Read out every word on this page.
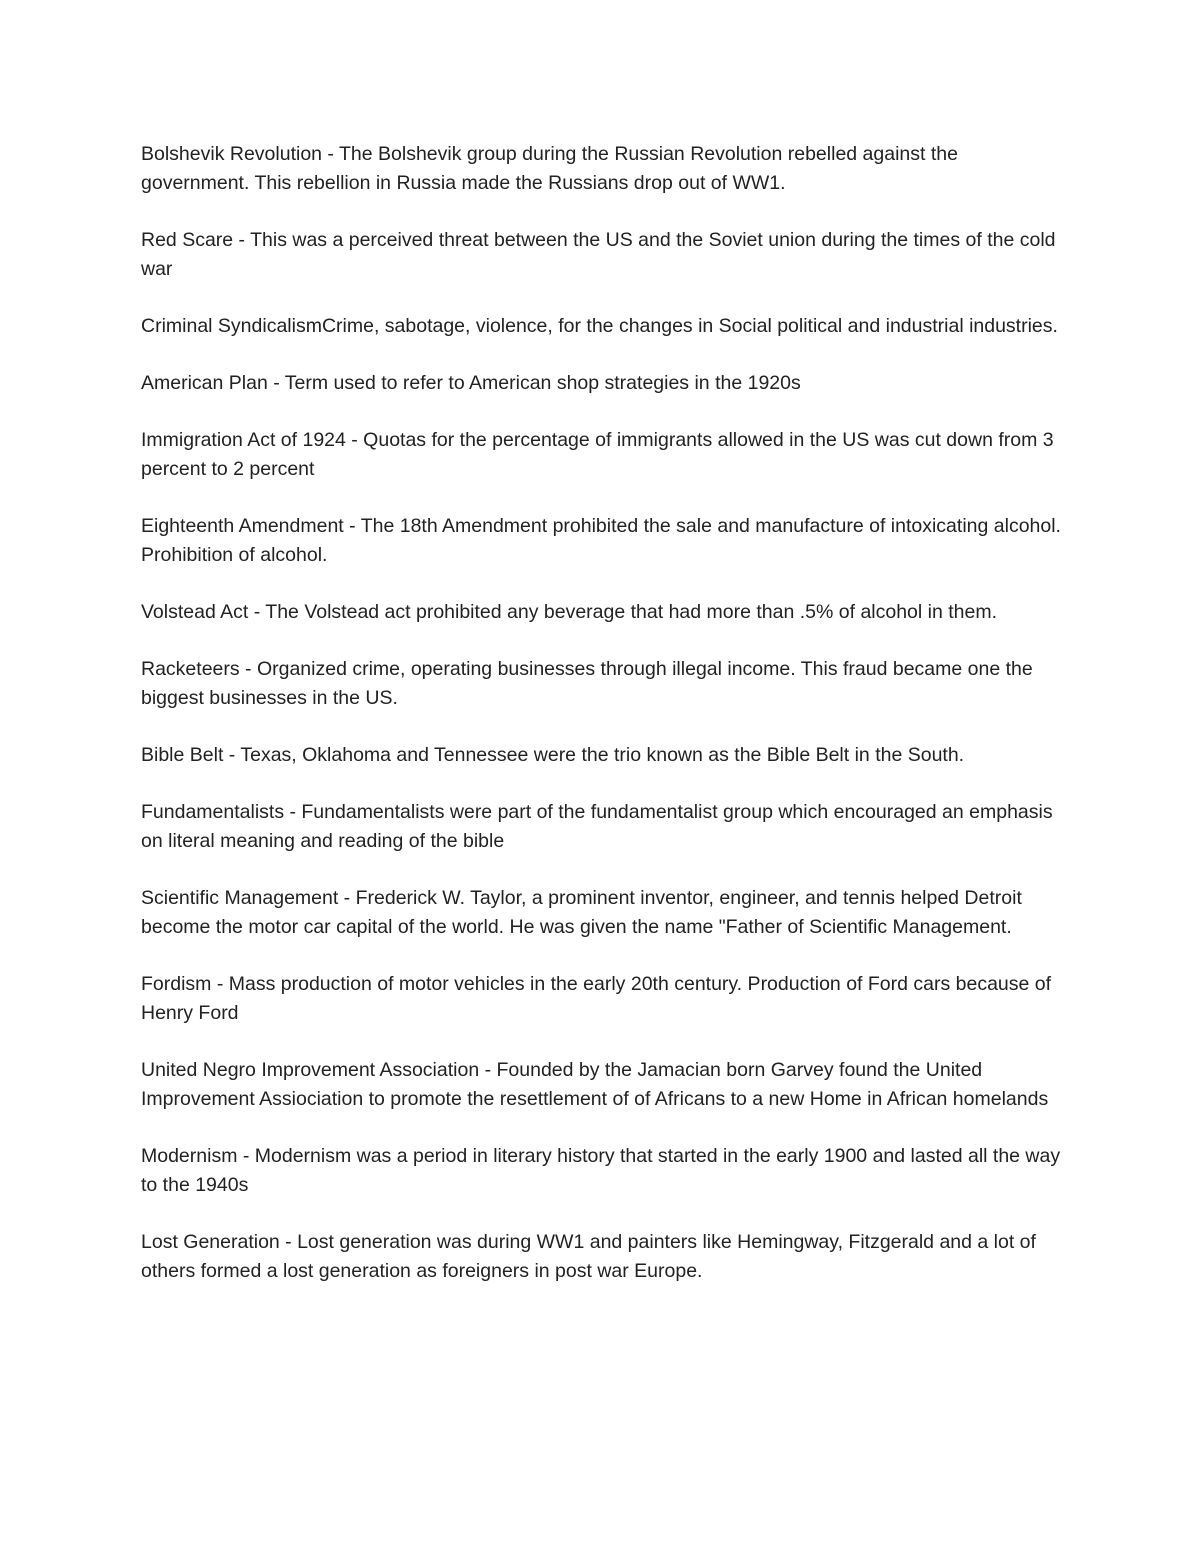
Bolshevik Revolution - The Bolshevik group during the Russian Revolution rebelled against the government. This rebellion in Russia made the Russians drop out of WW1.

Red Scare - This was a perceived threat between the US and the Soviet union during the times of the cold war

Criminal SyndicalismCrime, sabotage, violence, for the changes in Social political and industrial industries.

American Plan - Term used to refer to American shop strategies in the 1920s

Immigration Act of 1924 - Quotas for the percentage of immigrants allowed in the US was cut down from 3 percent to 2 percent

Eighteenth Amendment - The 18th Amendment prohibited the sale and manufacture of intoxicating alcohol. Prohibition of alcohol.

Volstead Act - The Volstead act prohibited any beverage that had more than .5% of alcohol in them.

Racketeers - Organized crime, operating businesses through illegal income. This fraud became one the biggest businesses in the US.

Bible Belt - Texas, Oklahoma and Tennessee were the trio known as the Bible Belt in the South.

Fundamentalists - Fundamentalists were part of the fundamentalist group which encouraged an emphasis on literal meaning and reading of the bible

Scientific Management - Frederick W. Taylor, a prominent inventor, engineer, and tennis helped Detroit become the motor car capital of the world. He was given the name "Father of Scientific Management.

Fordism - Mass production of motor vehicles in the early 20th century. Production of Ford cars because of Henry Ford

United Negro Improvement Association - Founded by the Jamacian born Garvey found the United Improvement Assiociation to promote the resettlement of of Africans to a new Home in African homelands

Modernism - Modernism was a period in literary history that started in the early 1900 and lasted all the way to the 1940s

Lost Generation - Lost generation was during WW1 and painters like Hemingway, Fitzgerald and a lot of others formed a lost generation as foreigners in post war Europe.
